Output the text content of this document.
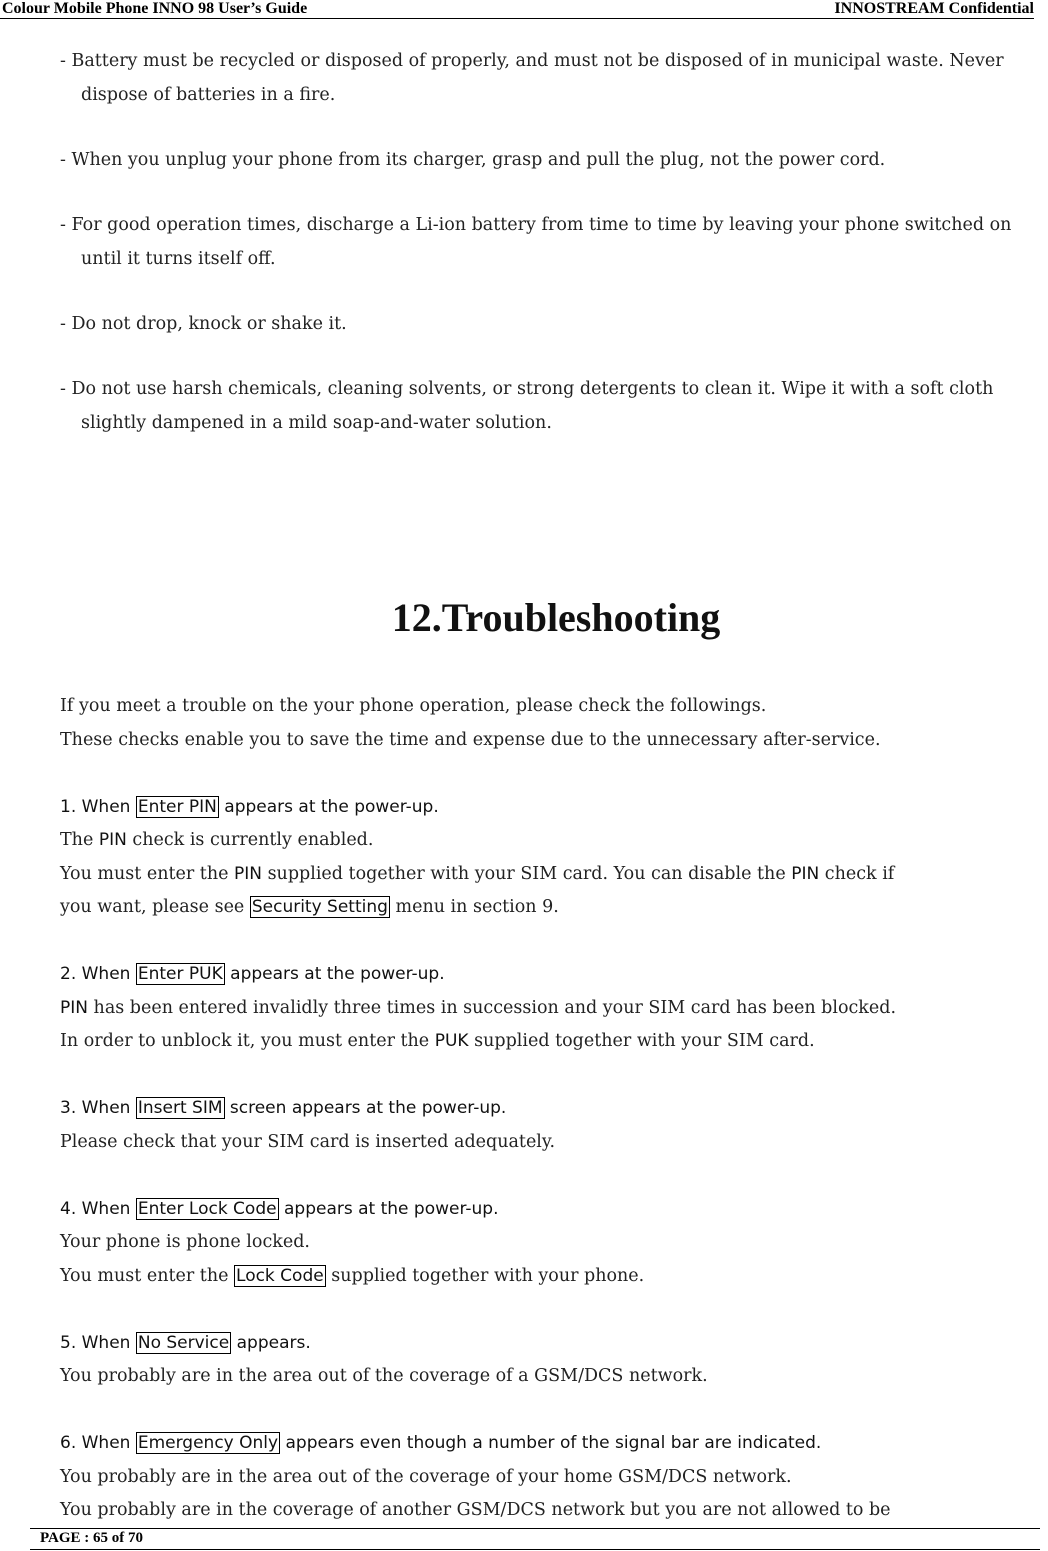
Colour Mobile Phone INNO 98 User’s Guide	INNOSTREAM Confidential

- Battery must be recycled or disposed of properly, and must not be disposed of in municipal waste. Never dispose of batteries in a fire.

- When you unplug your phone from its charger, grasp and pull the plug, not the power cord.

- For good operation times, discharge a Li-ion battery from time to time by leaving your phone switched on until it turns itself off.

- Do not drop, knock or shake it.

- Do not use harsh chemicals, cleaning solvents, or strong detergents to clean it. Wipe it with a soft cloth slightly dampened in a mild soap-and-water solution.

12.Troubleshooting

If you meet a trouble on the your phone operation, please check the followings.

These checks enable you to save the time and expense due to the unnecessary after-service.

1. When Enter PIN appears at the power-up.

The PIN check is currently enabled.

You must enter the PIN supplied together with your SIM card. You can disable the PIN check if

you want, please see Security Setting menu in section 9.

2. When Enter PUK appears at the power-up.

PIN has been entered invalidly three times in succession and your SIM card has been blocked.

In order to unblock it, you must enter the PUK supplied together with your SIM card.

3. When Insert SIM screen appears at the power-up.

Please check that your SIM card is inserted adequately.

4. When Enter Lock Code appears at the power-up.

Your phone is phone locked.

You must enter the Lock Code supplied together with your phone.

5. When No Service appears.

You probably are in the area out of the coverage of a GSM/DCS network.

6. When Emergency Only appears even though a number of the signal bar are indicated.

You probably are in the area out of the coverage of your home GSM/DCS network.

You probably are in the coverage of another GSM/DCS network but you are not allowed to be

PAGE : 65 of 70
